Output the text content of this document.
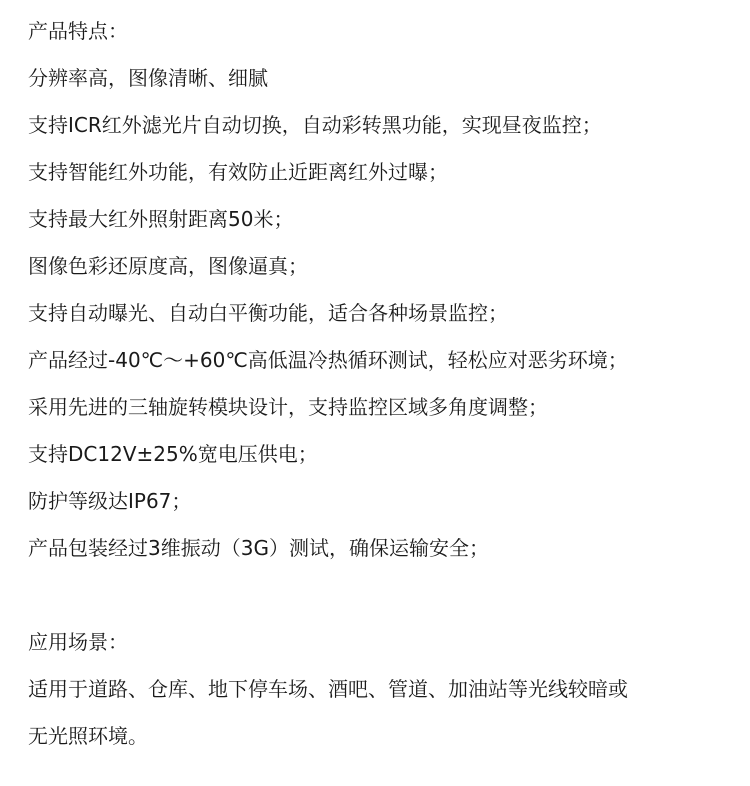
产品特点：
分辨率高，图像清晰、细腻
支持ICR红外滤光片自动切换，自动彩转黑功能，实现昼夜监控；
支持智能红外功能，有效防止近距离红外过曝；
支持最大红外照射距离50米；
图像色彩还原度高，图像逼真；
支持自动曝光、自动白平衡功能，适合各种场景监控；
产品经过-40℃～+60℃高低温冷热循环测试，轻松应对恶劣环境；
采用先进的三轴旋转模块设计，支持监控区域多角度调整；
支持DC12V±25%宽电压供电；
防护等级达IP67；
产品包装经过3维振动（3G）测试，确保运输安全；
应用场景：
适用于道路、仓库、地下停车场、酒吧、管道、加油站等光线较暗或
无光照环境。
